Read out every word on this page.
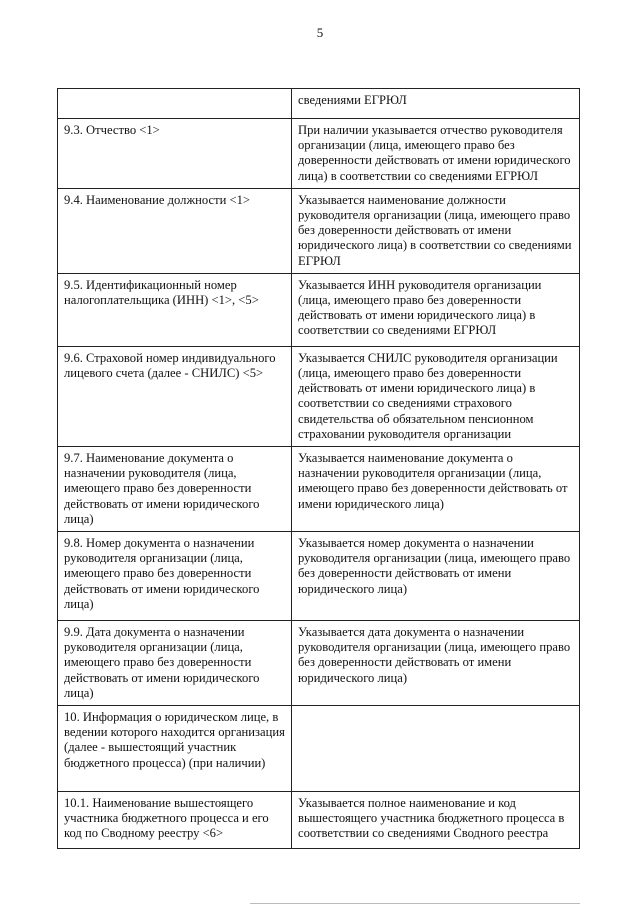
5
	сведениями ЕГРЮЛ
9.3. Отчество <1>	При наличии указывается отчество руководителя организации (лица, имеющего право без доверенности действовать от имени юридического лица) в соответствии со сведениями ЕГРЮЛ
9.4. Наименование должности <1>	Указывается наименование должности руководителя организации (лица, имеющего право без доверенности действовать от имени юридического лица) в соответствии со сведениями ЕГРЮЛ
9.5. Идентификационный номер налогоплательщика (ИНН) <1>, <5>	Указывается ИНН руководителя организации (лица, имеющего право без доверенности действовать от имени юридического лица) в соответствии со сведениями ЕГРЮЛ
9.6. Страховой номер индивидуального лицевого счета (далее - СНИЛС) <5>	Указывается СНИЛС руководителя организации (лица, имеющего право без доверенности действовать от имени юридического лица) в соответствии со сведениями страхового свидетельства об обязательном пенсионном страховании руководителя организации
9.7. Наименование документа о назначении руководителя (лица, имеющего право без доверенности действовать от имени юридического лица)	Указывается наименование документа о назначении руководителя организации (лица, имеющего право без доверенности действовать от имени юридического лица)
9.8. Номер документа о назначении руководителя организации (лица, имеющего право без доверенности действовать от имени юридического лица)	Указывается номер документа о назначении руководителя организации (лица, имеющего право без доверенности действовать от имени юридического лица)
9.9. Дата документа о назначении руководителя организации (лица, имеющего право без доверенности действовать от имени юридического лица)	Указывается дата документа о назначении руководителя организации (лица, имеющего право без доверенности действовать от имени юридического лица)
10. Информация о юридическом лице, в ведении которого находится организация (далее - вышестоящий участник бюджетного процесса) (при наличии)	
10.1. Наименование вышестоящего участника бюджетного процесса и его код по Сводному реестру <6>	Указывается полное наименование и код вышестоящего участника бюджетного процесса в соответствии со сведениями Сводного реестра
